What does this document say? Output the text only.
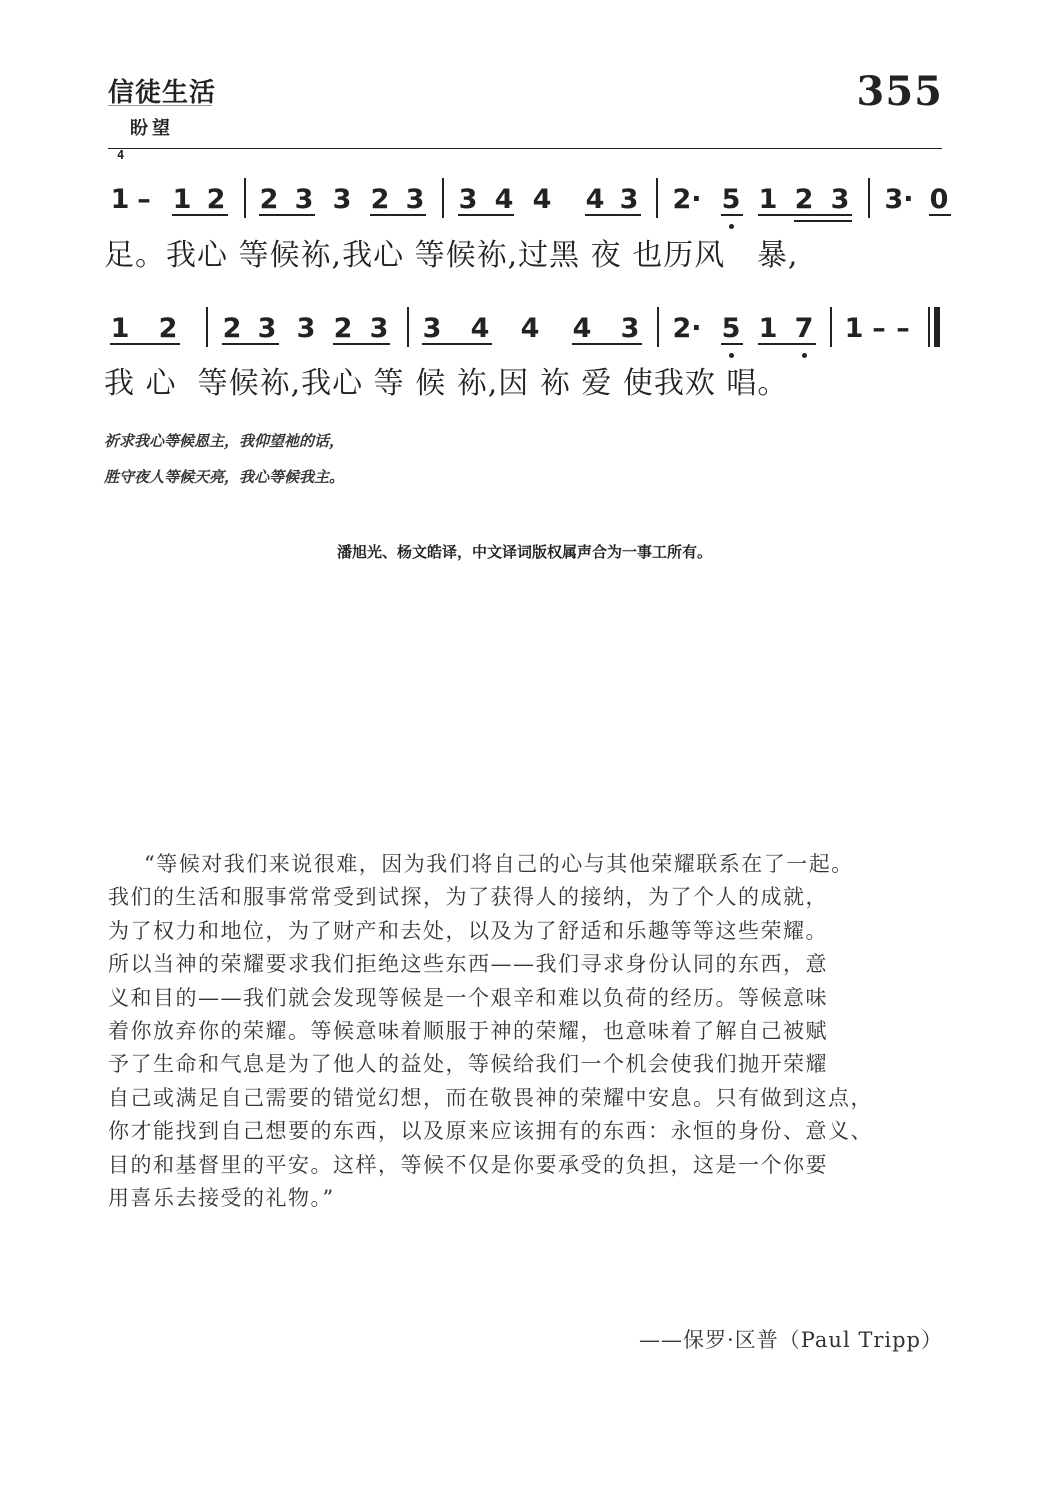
信徒生活
盼望
355
4
1 – 1 2 2 3 3 2 3 3 4 4 4 3 2· 5 1 2 3 3· 0
足。我心 等候袮,我心 等候袮,过黑 夜 也历风   暴,
1 2 2 3 3 2 3 3 4 4 4 3 2· 5 1 7 1 – –
我 心  等候袮,我心 等 候 袮,因 袮 爱 使我欢 唱。
祈求我心等候恩主，我仰望祂的话，
胜守夜人等候天亮，我心等候我主。
潘旭光、杨文皓译，中文译词版权属声合为一事工所有。

“等候对我们来说很难，因为我们将自己的心与其他荣耀联系在了一起。

我们的生活和服事常常受到试探，为了获得人的接纳，为了个人的成就，

为了权力和地位，为了财产和去处，以及为了舒适和乐趣等等这些荣耀。

所以当神的荣耀要求我们拒绝这些东西——我们寻求身份认同的东西，意

义和目的——我们就会发现等候是一个艰辛和难以负荷的经历。等候意味

着你放弃你的荣耀。等候意味着顺服于神的荣耀，也意味着了解自己被赋

予了生命和气息是为了他人的益处，等候给我们一个机会使我们抛开荣耀

自己或满足自己需要的错觉幻想，而在敬畏神的荣耀中安息。只有做到这点，

你才能找到自己想要的东西，以及原来应该拥有的东西：永恒的身份、意义、

目的和基督里的平安。这样，等候不仅是你要承受的负担，这是一个你要

用喜乐去接受的礼物。”

——保罗·区普（Paul Tripp）
